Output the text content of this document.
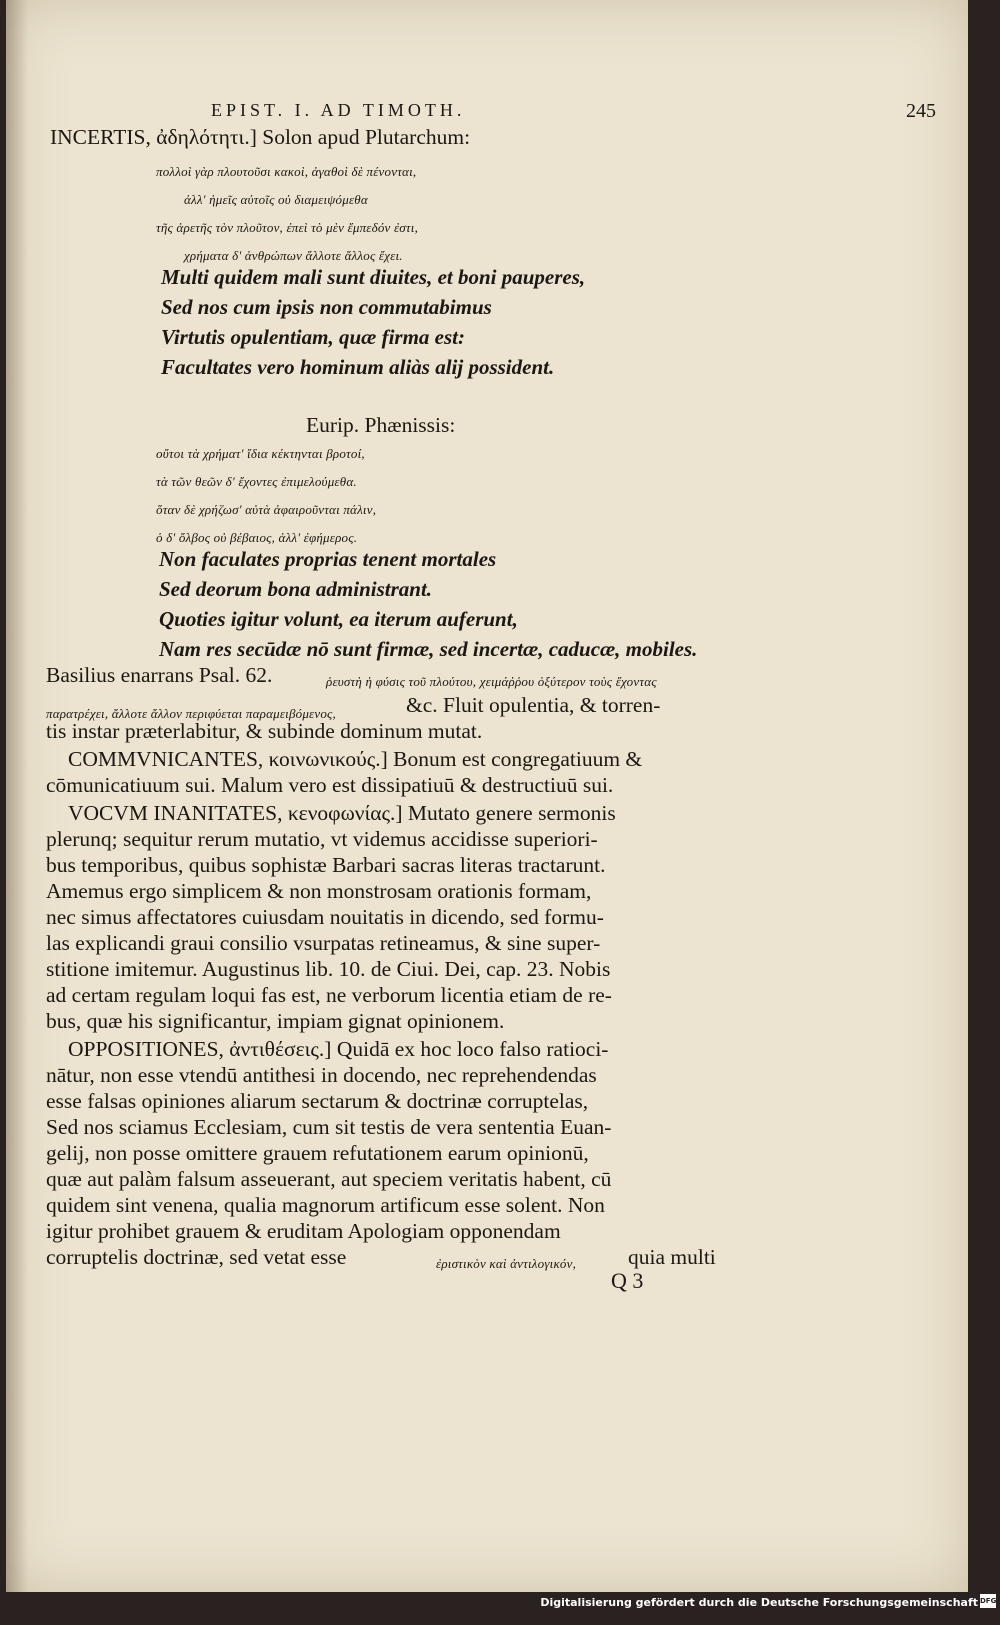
EPIST. I. AD TIMOTH.	245
INCERTIS, ἀδηλότητι.] Solon apud Plutarchum:
πολλοὶ γὰρ πλουτοῦσι κακοὶ, ἀγαθοὶ δὲ πένονται,
ἀλλ' ἡμεῖς αὐτοῖς οὐ διαμειψόμεθα
τῆς ἀρετῆς τὸν πλοῦτον, ἐπεὶ τὸ μὲν ἔμπεδόν ἐστι,
χρήματα δ' ἀνθρώπων ἄλλοτε ἄλλος ἔχει.
Multi quidem mali sunt diuites, et boni pauperes,
Sed nos cum ipsis non commutabimus
Virtutis opulentiam, quæ firma est:
Facultates vero hominum aliàs alij possident.
Eurip. Phænissis:
οὔτοι τὰ χρήματ' ἴδια κέκτηνται βροτοί,
τὰ τῶν θεῶν δ' ἔχοντες ἐπιμελούμεθα.
ὅταν δὲ χρήζωσ' αὐτὰ ἀφαιροῦνται πάλιν,
ὁ δ' ὄλβος οὐ βέβαιος, ἀλλ' ἐφήμερος.
Non faculates proprias tenent mortales
Sed deorum bona administrant.
Quoties igitur volunt, ea iterum auferunt,
Nam res secūdæ nō sunt firmæ, sed incertæ, caducæ, mobiles.
Basilius enarrans Psal. 62.	ῥευστὴ ἡ φύσις τοῦ πλούτου, χειμάῤῥου ὀξύτερον τοὺς ἔχοντας
παρατρέχει, ἄλλοτε ἄλλον περιφύεται παραμειβόμενος,	&c. Fluit opulentia, & torren-
tis instar præterlabitur, & subinde dominum mutat.
COMMVNICANTES, κοινωνικούς.] Bonum est congregatiuum &
cōmunicatiuum sui. Malum vero est dissipatiuū & destructiuū sui.
VOCVM INANITATES, κενοφωνίας.] Mutato genere sermonis
plerunq; sequitur rerum mutatio, vt videmus accidisse superiori-
bus temporibus, quibus sophistæ Barbari sacras literas tractarunt.
Amemus ergo simplicem & non monstrosam orationis formam,
nec simus affectatores cuiusdam nouitatis in dicendo, sed formu-
las explicandi graui consilio vsurpatas retineamus, & sine super-
stitione imitemur. Augustinus lib. 10. de Ciui. Dei, cap. 23. Nobis
ad certam regulam loqui fas est, ne verborum licentia etiam de re-
bus, quæ his significantur, impiam gignat opinionem.
OPPOSITIONES, ἀντιθέσεις.] Quidā ex hoc loco falso ratioci-
nātur, non esse vtendū antithesi in docendo, nec reprehendendas
esse falsas opiniones aliarum sectarum & doctrinæ corruptelas,
Sed nos sciamus Ecclesiam, cum sit testis de vera sententia Euan-
gelij, non posse omittere grauem refutationem earum opinionū,
quæ aut palàm falsum asseuerant, aut speciem veritatis habent, cū
quidem sint venena, qualia magnorum artificum esse solent. Non
igitur prohibet grauem & eruditam Apologiam opponendam
corruptelis doctrinæ, sed vetat esse	ἐριστικὸν καὶ ἀντιλογικόν, quia multi
Q 3
Digitalisierung gefördert durch die Deutsche Forschungsgemeinschaft DFG
